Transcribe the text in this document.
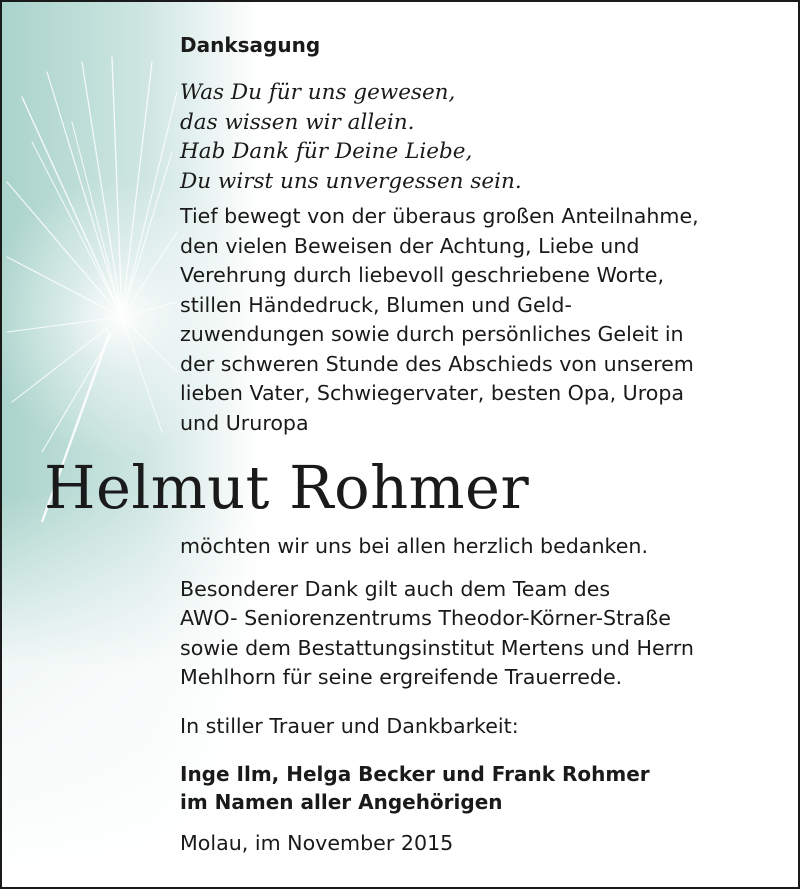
Danksagung
Was Du für uns gewesen,
das wissen wir allein.
Hab Dank für Deine Liebe,
Du wirst uns unvergessen sein.
Tief bewegt von der überaus großen Anteilnahme,
den vielen Beweisen der Achtung, Liebe und
Verehrung durch liebevoll geschriebene Worte,
stillen Händedruck, Blumen und Geld-
zuwendungen sowie durch persönliches Geleit in
der schweren Stunde des Abschieds von unserem
lieben Vater, Schwiegervater, besten Opa, Uropa
und Ururopa
Helmut Rohmer
möchten wir uns bei allen herzlich bedanken.
Besonderer Dank gilt auch dem Team des
AWO- Seniorenzentrums Theodor-Körner-Straße
sowie dem Bestattungsinstitut Mertens und Herrn
Mehlhorn für seine ergreifende Trauerrede.
In stiller Trauer und Dankbarkeit:
Inge Ilm, Helga Becker und Frank Rohmer
im Namen aller Angehörigen
Molau, im November 2015
